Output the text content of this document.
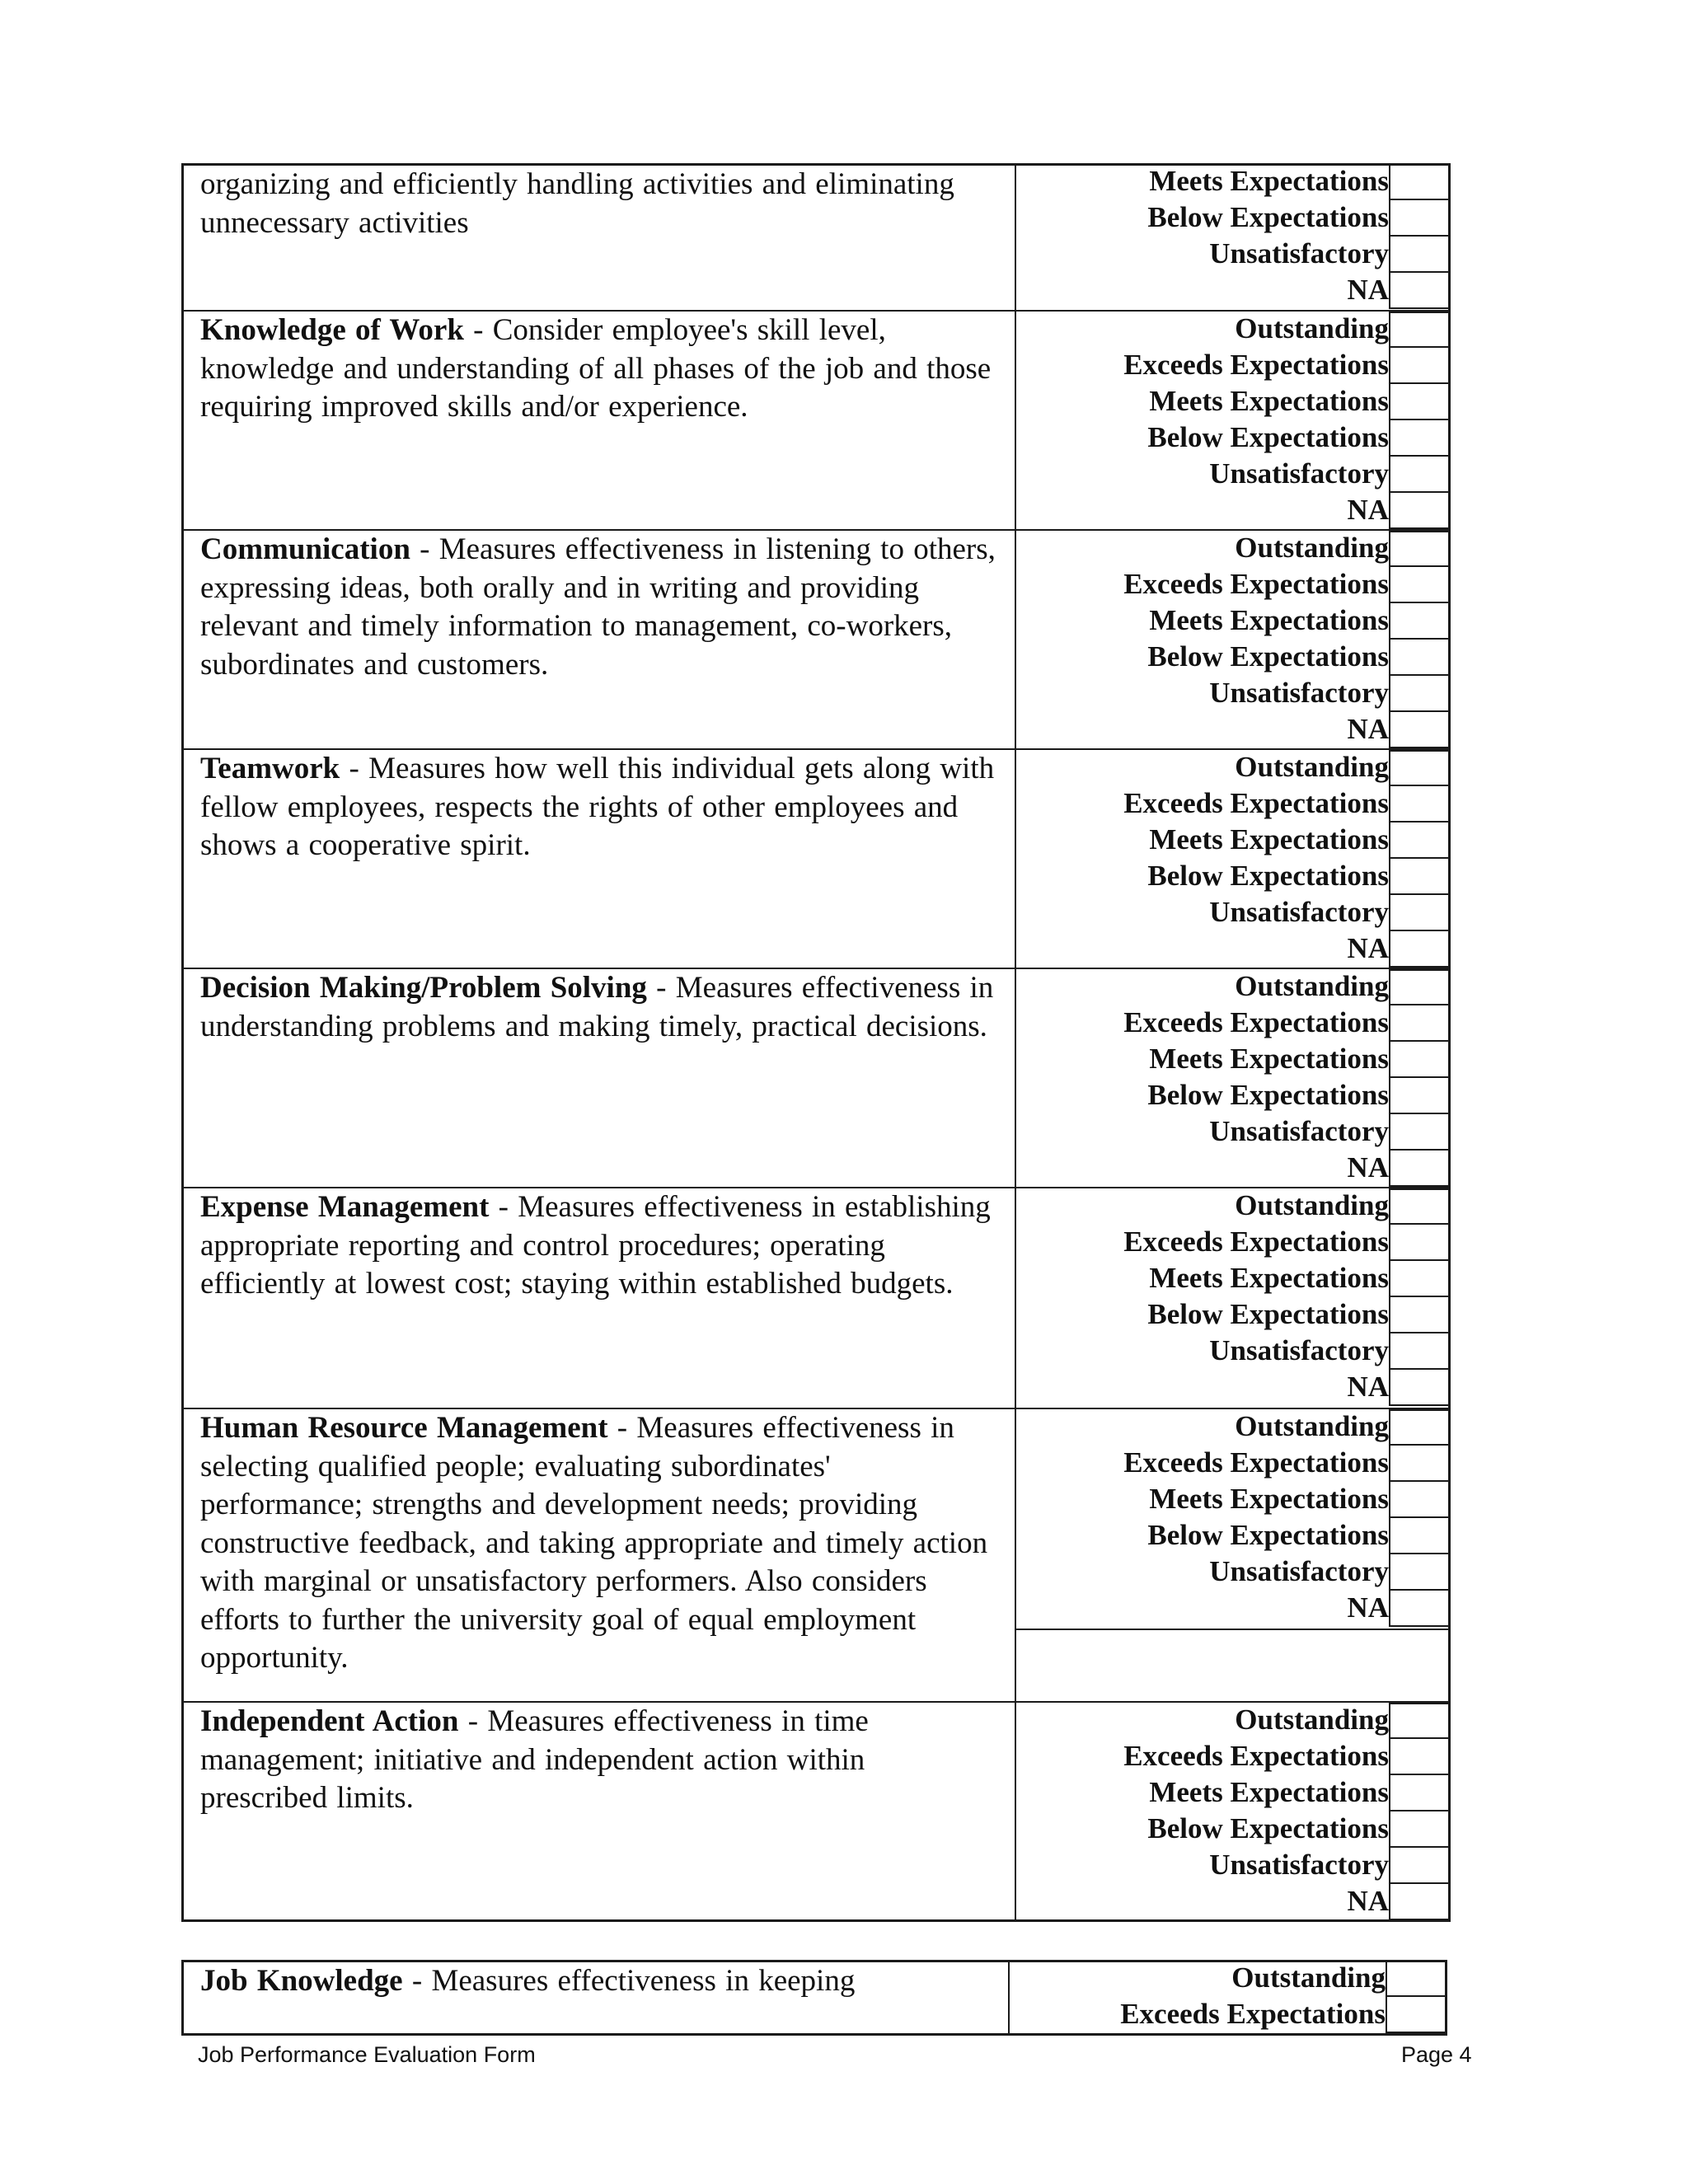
organizing and efficiently handling activities and eliminating unnecessary activities

Meets Expectations
Below Expectations
Unsatisfactory
NA

Knowledge of Work - Consider employee's skill level, knowledge and understanding of all phases of the job and those requiring improved skills and/or experience.

Outstanding
Exceeds Expectations
Meets Expectations
Below Expectations
Unsatisfactory
NA

Communication - Measures effectiveness in listening to others, expressing ideas, both orally and in writing and providing relevant and timely information to management, co-workers, subordinates and customers.

Outstanding
Exceeds Expectations
Meets Expectations
Below Expectations
Unsatisfactory
NA

Teamwork - Measures how well this individual gets along with fellow employees, respects the rights of other employees and shows a cooperative spirit.

Outstanding
Exceeds Expectations
Meets Expectations
Below Expectations
Unsatisfactory
NA

Decision Making/Problem Solving - Measures effectiveness in understanding problems and making timely, practical decisions.

Outstanding
Exceeds Expectations
Meets Expectations
Below Expectations
Unsatisfactory
NA

Expense Management - Measures effectiveness in establishing appropriate reporting and control procedures; operating efficiently at lowest cost; staying within established budgets.

Outstanding
Exceeds Expectations
Meets Expectations
Below Expectations
Unsatisfactory
NA

Human Resource Management - Measures effectiveness in selecting qualified people; evaluating subordinates' performance; strengths and development needs; providing constructive feedback, and taking appropriate and timely action with marginal or unsatisfactory performers. Also considers efforts to further the university goal of equal employment opportunity.

Outstanding
Exceeds Expectations
Meets Expectations
Below Expectations
Unsatisfactory
NA

Independent Action - Measures effectiveness in time management; initiative and independent action within prescribed limits.

Outstanding
Exceeds Expectations
Meets Expectations
Below Expectations
Unsatisfactory
NA

Job Knowledge - Measures effectiveness in keeping	Outstanding
Exceeds Expectations
Job Performance Evaluation Form	Page 4
